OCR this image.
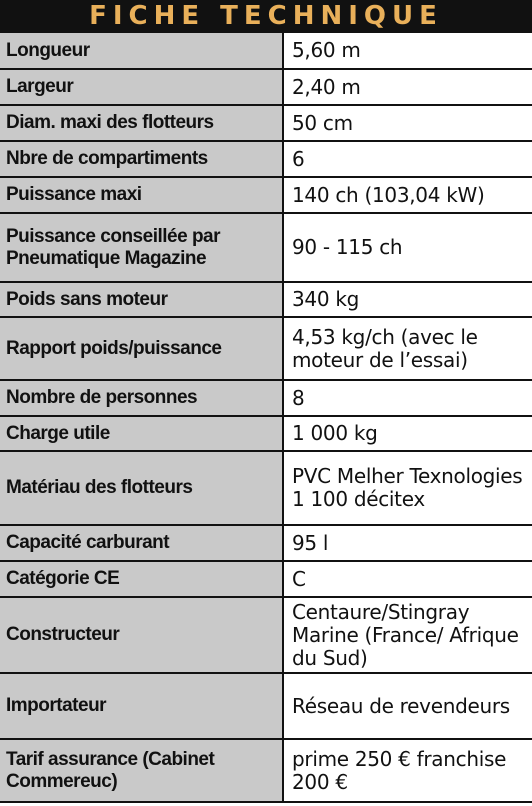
FICHE TECHNIQUE
Longueur	5,60 m
Largeur	2,40 m
Diam. maxi des flotteurs	50 cm
Nbre de compartiments	6
Puissance maxi	140 ch (103,04 kW)
Puissance conseillée par Pneumatique Magazine	90 - 115 ch
Poids sans moteur	340 kg
Rapport poids/puissance	4,53 kg/ch (avec le moteur de l’essai)
Nombre de personnes	8
Charge utile	1 000 kg
Matériau des flotteurs	PVC Melher Texnologies 1 100 décitex
Capacité carburant	95 l
Catégorie CE	C
Constructeur	Centaure/Stingray Marine (France/ Afrique du Sud)
Importateur	Réseau de revendeurs
Tarif assurance (Cabinet Commereuc)	prime 250 € franchise 200 €
